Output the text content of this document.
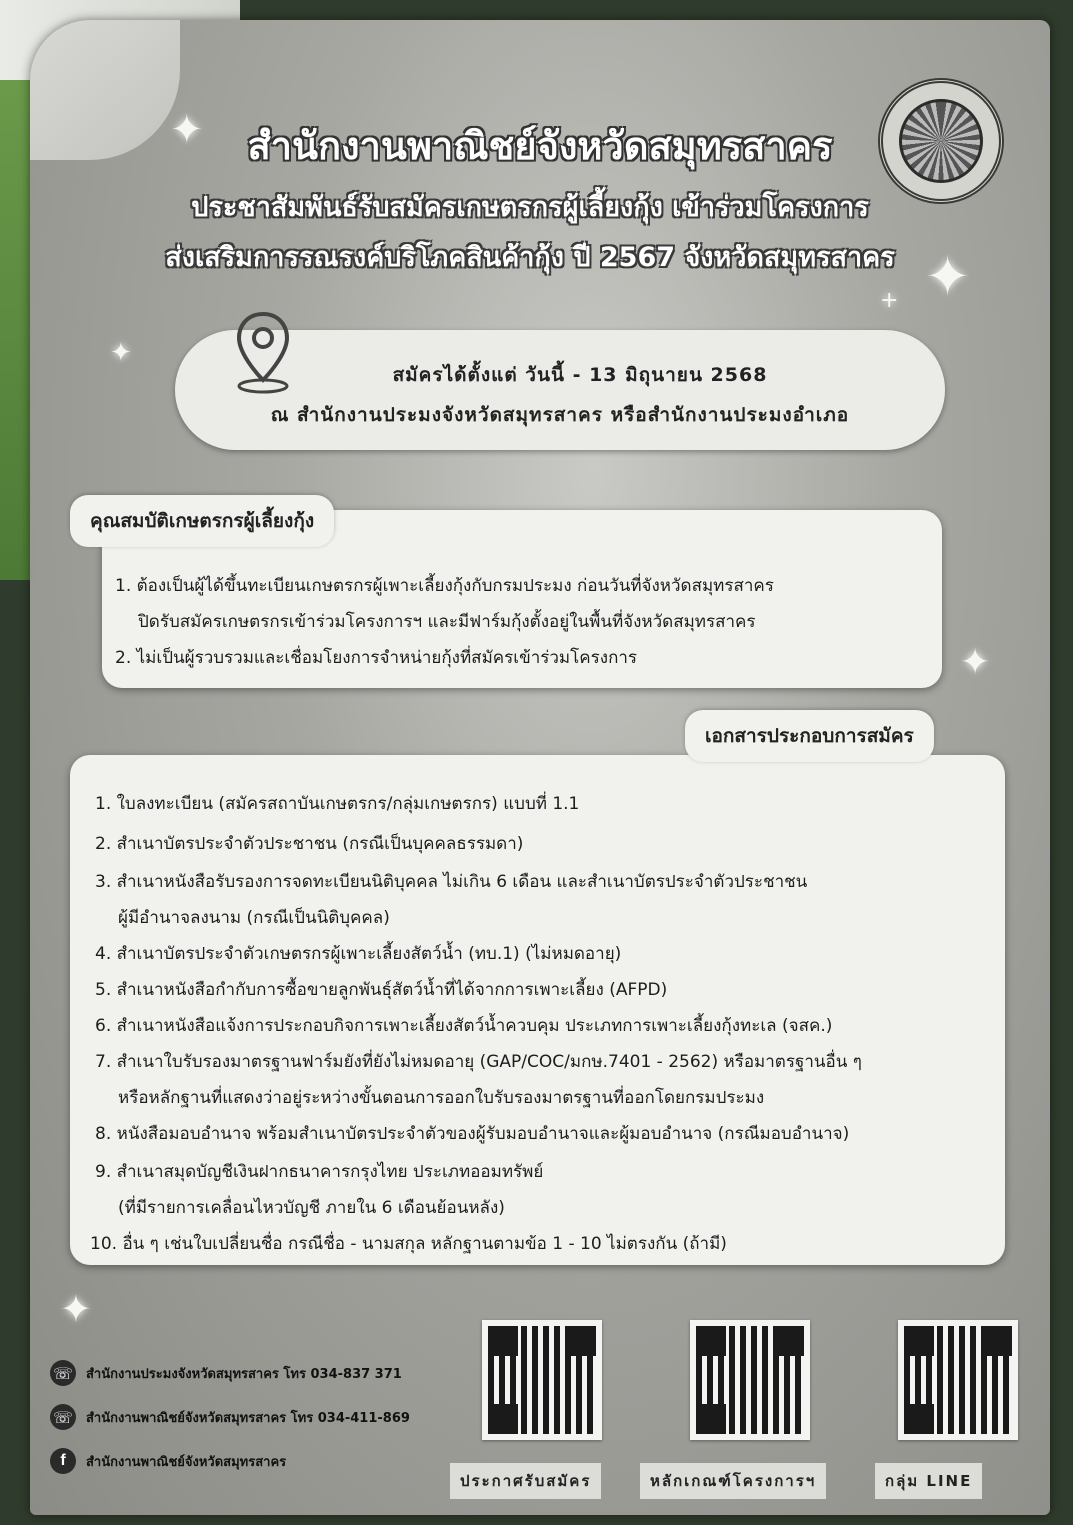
✦
✦
+
✦
✦
✦
สำนักงานพาณิชย์จังหวัดสมุทรสาคร
ประชาสัมพันธ์รับสมัครเกษตรกรผู้เลี้ยงกุ้ง เข้าร่วมโครงการ
ส่งเสริมการรณรงค์บริโภคสินค้ากุ้ง ปี 2567 จังหวัดสมุทรสาคร
สมัครได้ตั้งแต่ วันนี้ - 13 มิถุนายน 2568
ณ สำนักงานประมงจังหวัดสมุทรสาคร หรือสำนักงานประมงอำเภอ
คุณสมบัติเกษตรกรผู้เลี้ยงกุ้ง
1. ต้องเป็นผู้ได้ขึ้นทะเบียนเกษตรกรผู้เพาะเลี้ยงกุ้งกับกรมประมง ก่อนวันที่จังหวัดสมุทรสาคร
ปิดรับสมัครเกษตรกรเข้าร่วมโครงการฯ และมีฟาร์มกุ้งตั้งอยู่ในพื้นที่จังหวัดสมุทรสาคร
2. ไม่เป็นผู้รวบรวมและเชื่อมโยงการจำหน่ายกุ้งที่สมัครเข้าร่วมโครงการ
เอกสารประกอบการสมัคร
1. ใบลงทะเบียน (สมัครสถาบันเกษตรกร/กลุ่มเกษตรกร) แบบที่ 1.1
2. สำเนาบัตรประจำตัวประชาชน (กรณีเป็นบุคคลธรรมดา)
3. สำเนาหนังสือรับรองการจดทะเบียนนิติบุคคล ไม่เกิน 6 เดือน และสำเนาบัตรประจำตัวประชาชน
ผู้มีอำนาจลงนาม (กรณีเป็นนิติบุคคล)
4. สำเนาบัตรประจำตัวเกษตรกรผู้เพาะเลี้ยงสัตว์น้ำ (ทบ.1) (ไม่หมดอายุ)
5. สำเนาหนังสือกำกับการซื้อขายลูกพันธุ์สัตว์น้ำที่ได้จากการเพาะเลี้ยง (AFPD)
6. สำเนาหนังสือแจ้งการประกอบกิจการเพาะเลี้ยงสัตว์น้ำควบคุม ประเภทการเพาะเลี้ยงกุ้งทะเล (จสค.)
7. สำเนาใบรับรองมาตรฐานฟาร์มยังที่ยังไม่หมดอายุ (GAP/COC/มกษ.7401 - 2562) หรือมาตรฐานอื่น ๆ
หรือหลักฐานที่แสดงว่าอยู่ระหว่างขั้นตอนการออกใบรับรองมาตรฐานที่ออกโดยกรมประมง
8. หนังสือมอบอำนาจ พร้อมสำเนาบัตรประจำตัวของผู้รับมอบอำนาจและผู้มอบอำนาจ (กรณีมอบอำนาจ)
9. สำเนาสมุดบัญชีเงินฝากธนาคารกรุงไทย ประเภทออมทรัพย์
(ที่มีรายการเคลื่อนไหวบัญชี ภายใน 6 เดือนย้อนหลัง)
10. อื่น ๆ เช่นใบเปลี่ยนชื่อ กรณีชื่อ - นามสกุล หลักฐานตามข้อ 1 - 10 ไม่ตรงกัน (ถ้ามี)
☏ สำนักงานประมงจังหวัดสมุทรสาคร โทร 034-837 371
☏ สำนักงานพาณิชย์จังหวัดสมุทรสาคร โทร 034-411-869
f	สำนักงานพาณิชย์จังหวัดสมุทรสาคร
ประกาศรับสมัคร	หลักเกณฑ์โครงการฯ	กลุ่ม LINE
